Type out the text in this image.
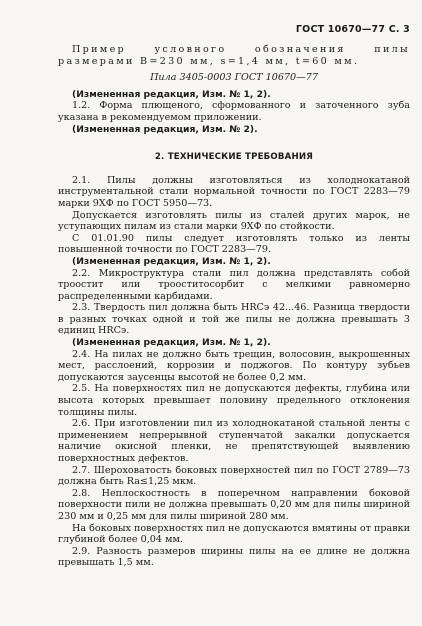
ГОСТ 10670—77 С. 3

Пример условного обозначения пилы размерами B=230 мм, s=1,4 мм, t=60 мм.

Пила 3405-0003 ГОСТ 10670—77

(Измененная редакция, Изм. № 1, 2).

1.2. Форма плющеного, сформованного и заточенного зуба указана в рекомендуемом приложении.

(Измененная редакция, Изм. № 2).

2. ТЕХНИЧЕСКИЕ ТРЕБОВАНИЯ

2.1. Пилы должны изготовляться из холоднокатаной инструментальной стали нормальной точности по ГОСТ 2283—79 марки 9ХФ по ГОСТ 5950—73.

Допускается изготовлять пилы из сталей других марок, не уступающих пилам из стали марки 9ХФ по стойкости.

С 01.01.90 пилы следует изготовлять только из ленты повышенной точности по ГОСТ 2283—79.

(Измененная редакция, Изм. № 1, 2).

2.2. Микроструктура стали пил должна представлять собой троостит или трооститосорбит с мелкими равномерно распределенными карбидами.

2.3. Твердость пил должна быть HRCэ 42...46. Разница твердости в разных точках одной и той же пилы не должна превышать 3 единиц HRCэ.

(Измененная редакция, Изм. № 1, 2).

2.4. На пилах не должно быть трещин, волосовин, выкрошенных мест, расслоений, коррозии и поджогов. По контуру зубьев допускаются заусенцы высотой не более 0,2 мм.

2.5. На поверхностях пил не допускаются дефекты, глубина или высота которых превышает половину предельного отклонения толщины пилы.

2.6. При изготовлении пил из холоднокатаной стальной ленты с применением непрерывной ступенчатой закалки допускается наличие окисной пленки, не препятствующей выявлению поверхностных дефектов.

2.7. Шероховатость боковых поверхностей пил по ГОСТ 2789—73 должна быть Ra≤1,25 мкм.

2.8. Неплоскостность в поперечном направлении боковой поверхности пили не должна превышать 0,20 мм для пилы шириной 230 мм и 0,25 мм для пилы шириной 280 мм.

На боковых поверхностях пил не допускаются вмятины от правки глубиной более 0,04 мм.

2.9. Разность размеров ширины пилы на ее длине не должна превышать 1,5 мм.
